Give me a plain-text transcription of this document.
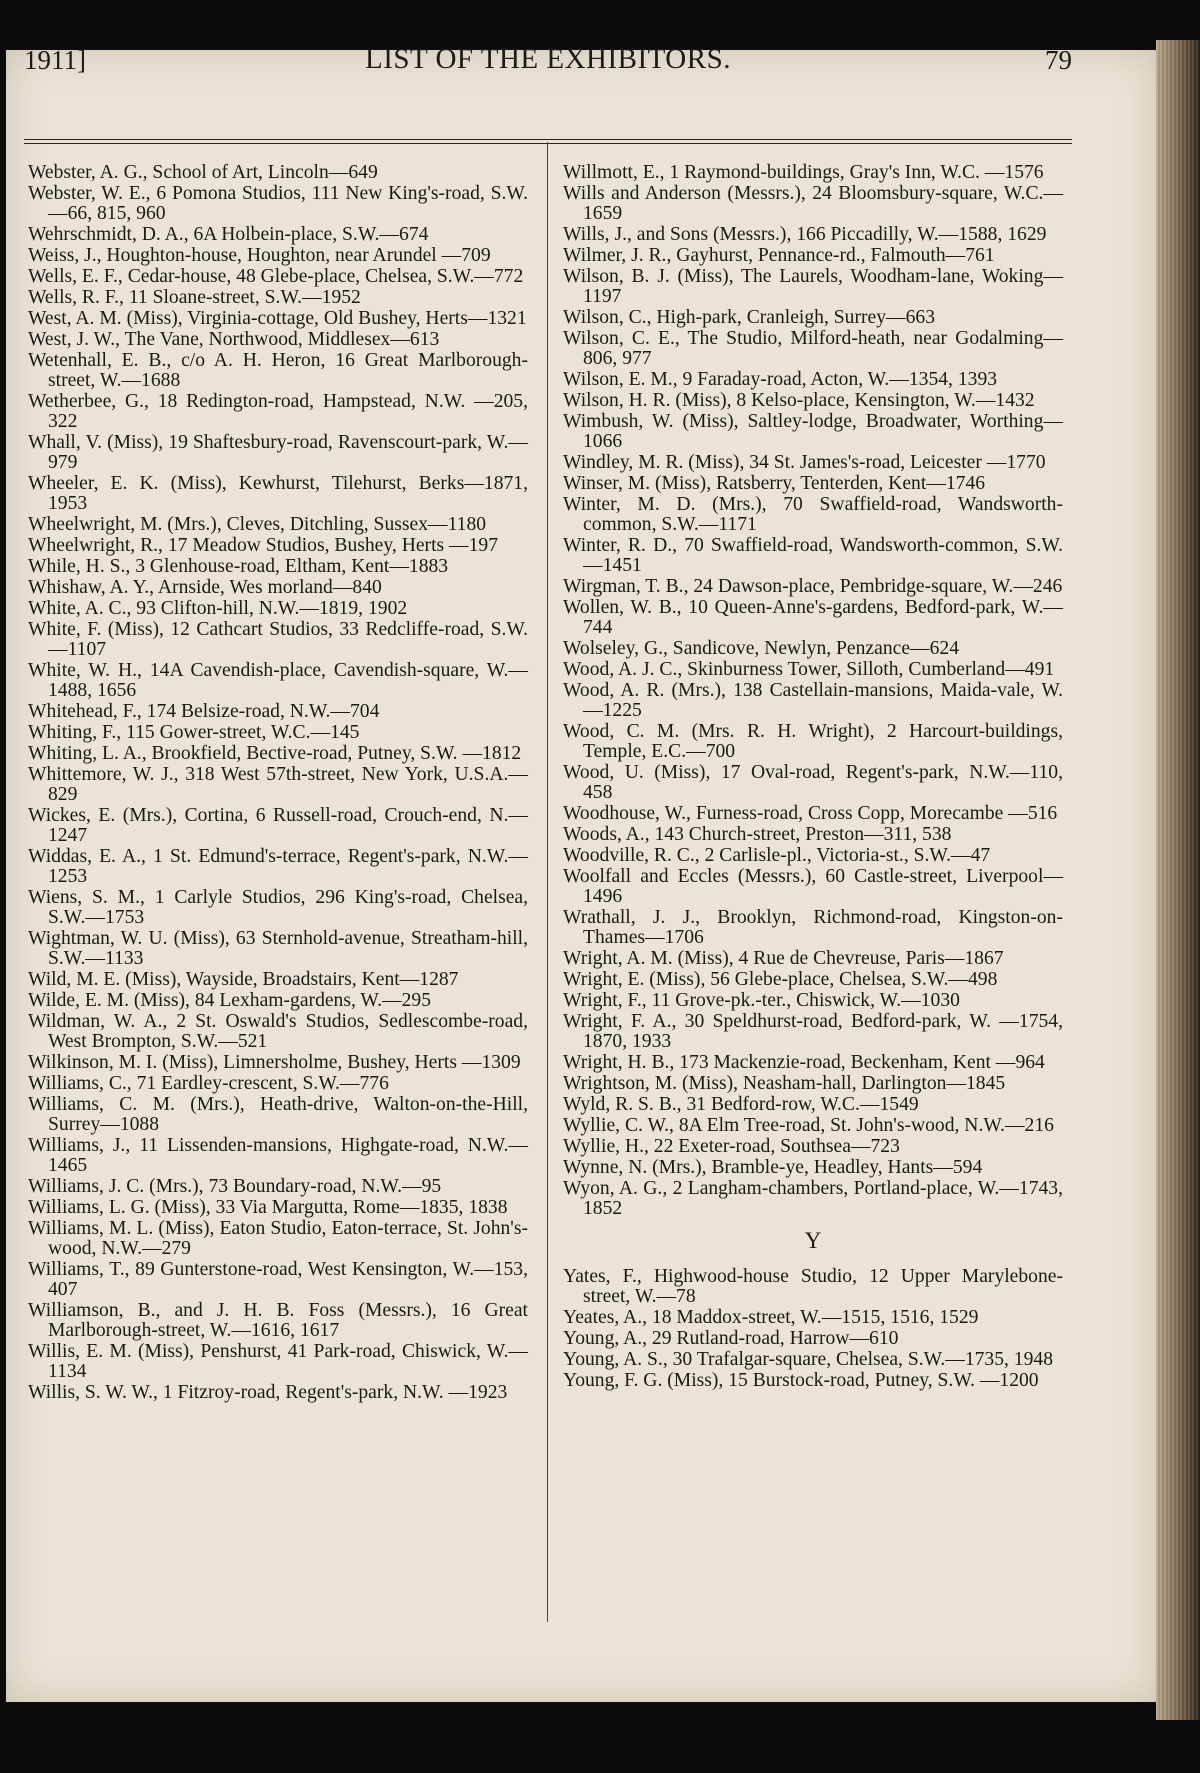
1911]	LIST OF THE EXHIBITORS.	79

Webster, A. G., School of Art, Lincoln—649

Webster, W. E., 6 Pomona Studios, 111 New King's-road, S.W.—66, 815, 960

Wehrschmidt, D. A., 6A Holbein-place, S.W.—674

Weiss, J., Houghton-house, Houghton, near Arundel —709

Wells, E. F., Cedar-house, 48 Glebe-place, Chelsea, S.W.—772

Wells, R. F., 11 Sloane-street, S.W.—1952

West, A. M. (Miss), Virginia-cottage, Old Bushey, Herts—1321

West, J. W., The Vane, Northwood, Middlesex—613

Wetenhall, E. B., c/o A. H. Heron, 16 Great Marlborough-street, W.—1688

Wetherbee, G., 18 Redington-road, Hampstead, N.W. —205, 322

Whall, V. (Miss), 19 Shaftesbury-road, Ravenscourt-park, W.—979

Wheeler, E. K. (Miss), Kewhurst, Tilehurst, Berks—1871, 1953

Wheelwright, M. (Mrs.), Cleves, Ditchling, Sussex—1180

Wheelwright, R., 17 Meadow Studios, Bushey, Herts —197

While, H. S., 3 Glenhouse-road, Eltham, Kent—1883

Whishaw, A. Y., Arnside, Wes morland—840

White, A. C., 93 Clifton-hill, N.W.—1819, 1902

White, F. (Miss), 12 Cathcart Studios, 33 Redcliffe-road, S.W.—1107

White, W. H., 14A Cavendish-place, Cavendish-square, W.—1488, 1656

Whitehead, F., 174 Belsize-road, N.W.—704

Whiting, F., 115 Gower-street, W.C.—145

Whiting, L. A., Brookfield, Bective-road, Putney, S.W. —1812

Whittemore, W. J., 318 West 57th-street, New York, U.S.A.—829

Wickes, E. (Mrs.), Cortina, 6 Russell-road, Crouch-end, N.—1247

Widdas, E. A., 1 St. Edmund's-terrace, Regent's-park, N.W.—1253

Wiens, S. M., 1 Carlyle Studios, 296 King's-road, Chelsea, S.W.—1753

Wightman, W. U. (Miss), 63 Sternhold-avenue, Streatham-hill, S.W.—1133

Wild, M. E. (Miss), Wayside, Broadstairs, Kent—1287

Wilde, E. M. (Miss), 84 Lexham-gardens, W.—295

Wildman, W. A., 2 St. Oswald's Studios, Sedlescombe-road, West Brompton, S.W.—521

Wilkinson, M. I. (Miss), Limnersholme, Bushey, Herts —1309

Williams, C., 71 Eardley-crescent, S.W.—776

Williams, C. M. (Mrs.), Heath-drive, Walton-on-the-Hill, Surrey—1088

Williams, J., 11 Lissenden-mansions, Highgate-road, N.W.—1465

Williams, J. C. (Mrs.), 73 Boundary-road, N.W.—95

Williams, L. G. (Miss), 33 Via Margutta, Rome—1835, 1838

Williams, M. L. (Miss), Eaton Studio, Eaton-terrace, St. John's-wood, N.W.—279

Williams, T., 89 Gunterstone-road, West Kensington, W.—153, 407

Williamson, B., and J. H. B. Foss (Messrs.), 16 Great Marlborough-street, W.—1616, 1617

Willis, E. M. (Miss), Penshurst, 41 Park-road, Chiswick, W.—1134

Willis, S. W. W., 1 Fitzroy-road, Regent's-park, N.W. —1923

Willmott, E., 1 Raymond-buildings, Gray's Inn, W.C. —1576

Wills and Anderson (Messrs.), 24 Bloomsbury-square, W.C.—1659

Wills, J., and Sons (Messrs.), 166 Piccadilly, W.—1588, 1629

Wilmer, J. R., Gayhurst, Pennance-rd., Falmouth—761

Wilson, B. J. (Miss), The Laurels, Woodham-lane, Woking—1197

Wilson, C., High-park, Cranleigh, Surrey—663

Wilson, C. E., The Studio, Milford-heath, near Godalming—806, 977

Wilson, E. M., 9 Faraday-road, Acton, W.—1354, 1393

Wilson, H. R. (Miss), 8 Kelso-place, Kensington, W.—1432

Wimbush, W. (Miss), Saltley-lodge, Broadwater, Worthing—1066

Windley, M. R. (Miss), 34 St. James's-road, Leicester —1770

Winser, M. (Miss), Ratsberry, Tenterden, Kent—1746

Winter, M. D. (Mrs.), 70 Swaffield-road, Wandsworth-common, S.W.—1171

Winter, R. D., 70 Swaffield-road, Wandsworth-common, S.W.—1451

Wirgman, T. B., 24 Dawson-place, Pembridge-square, W.—246

Wollen, W. B., 10 Queen-Anne's-gardens, Bedford-park, W.—744

Wolseley, G., Sandicove, Newlyn, Penzance—624

Wood, A. J. C., Skinburness Tower, Silloth, Cumberland—491

Wood, A. R. (Mrs.), 138 Castellain-mansions, Maida-vale, W.—1225

Wood, C. M. (Mrs. R. H. Wright), 2 Harcourt-buildings, Temple, E.C.—700

Wood, U. (Miss), 17 Oval-road, Regent's-park, N.W.—110, 458

Woodhouse, W., Furness-road, Cross Copp, Morecambe —516

Woods, A., 143 Church-street, Preston—311, 538

Woodville, R. C., 2 Carlisle-pl., Victoria-st., S.W.—47

Woolfall and Eccles (Messrs.), 60 Castle-street, Liverpool—1496

Wrathall, J. J., Brooklyn, Richmond-road, Kingston-on-Thames—1706

Wright, A. M. (Miss), 4 Rue de Chevreuse, Paris—1867

Wright, E. (Miss), 56 Glebe-place, Chelsea, S.W.—498

Wright, F., 11 Grove-pk.-ter., Chiswick, W.—1030

Wright, F. A., 30 Speldhurst-road, Bedford-park, W. —1754, 1870, 1933

Wright, H. B., 173 Mackenzie-road, Beckenham, Kent —964

Wrightson, M. (Miss), Neasham-hall, Darlington—1845

Wyld, R. S. B., 31 Bedford-row, W.C.—1549

Wyllie, C. W., 8A Elm Tree-road, St. John's-wood, N.W.—216

Wyllie, H., 22 Exeter-road, Southsea—723

Wynne, N. (Mrs.), Bramble-ye, Headley, Hants—594

Wyon, A. G., 2 Langham-chambers, Portland-place, W.—1743, 1852

Y

Yates, F., Highwood-house Studio, 12 Upper Marylebone-street, W.—78

Yeates, A., 18 Maddox-street, W.—1515, 1516, 1529

Young, A., 29 Rutland-road, Harrow—610

Young, A. S., 30 Trafalgar-square, Chelsea, S.W.—1735, 1948

Young, F. G. (Miss), 15 Burstock-road, Putney, S.W. —1200
